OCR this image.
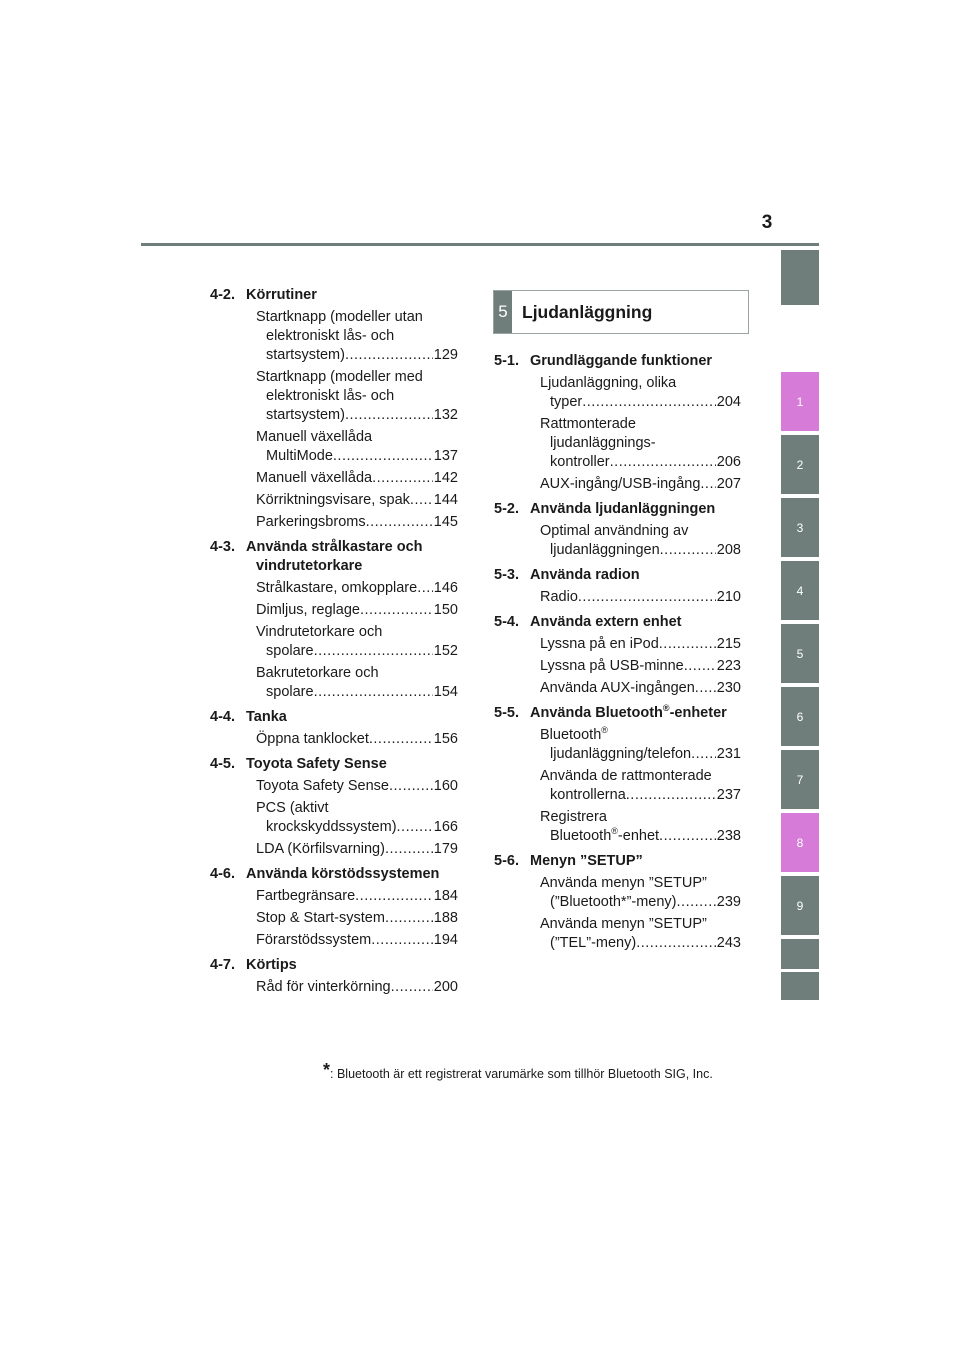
3
1
2
3
4
5
6
7
8
9
4-2. Körrutiner
Startknapp (modeller utan
elektroniskt lås- och
startsystem) .....	129
Startknapp (modeller med
elektroniskt lås- och
startsystem) .....	132
Manuell växellåda
MultiMode .....	137
Manuell växellåda .....	142
Körriktningsvisare, spak ..... 144
Parkeringsbroms .....	145
4-3. Använda strålkastare och vindrutetorkare
Strålkastare, omkopplare ..... 146
Dimljus, reglage .....	150
Vindrutetorkare och
spolare .....	152
Bakrutetorkare och
spolare .....	154
4-4. Tanka
Öppna tanklocket .....	156
4-5. Toyota Safety Sense
Toyota Safety Sense .....	160
PCS (aktivt
krockskyddssystem) .....	166
LDA (Körfilsvarning) .....	179
4-6. Använda körstödssystemen
Fartbegränsare .....	184
Stop & Start-system .....	188
Förarstödssystem .....	194
4-7. Körtips
Råd för vinterkörning .....	200
5 Ljudanläggning
5-1. Grundläggande funktioner
Ljudanläggning, olika
typer .....	204
Rattmonterade
ljudanläggnings-
kontroller .....	206
AUX-ingång/USB-ingång ..... 207
5-2. Använda ljudanläggningen
Optimal användning av
ljudanläggningen .....	208
5-3. Använda radion
Radio .....	210
5-4. Använda extern enhet
Lyssna på en iPod .....	215
Lyssna på USB-minne ..... 223
Använda AUX-ingången ..... 230
5-5. Använda Bluetooth®-enheter
Bluetooth®
ljudanläggning/telefon ..... 231
Använda de rattmonterade
kontrollerna .....	237
Registrera
Bluetooth®-enhet .....	238
5-6. Menyn ”SETUP”
Använda menyn ”SETUP”
(”Bluetooth*”-meny) .....	239
Använda menyn ”SETUP”
(”TEL”-meny) .....	243
*: Bluetooth är ett registrerat varumärke som tillhör Bluetooth SIG, Inc.
